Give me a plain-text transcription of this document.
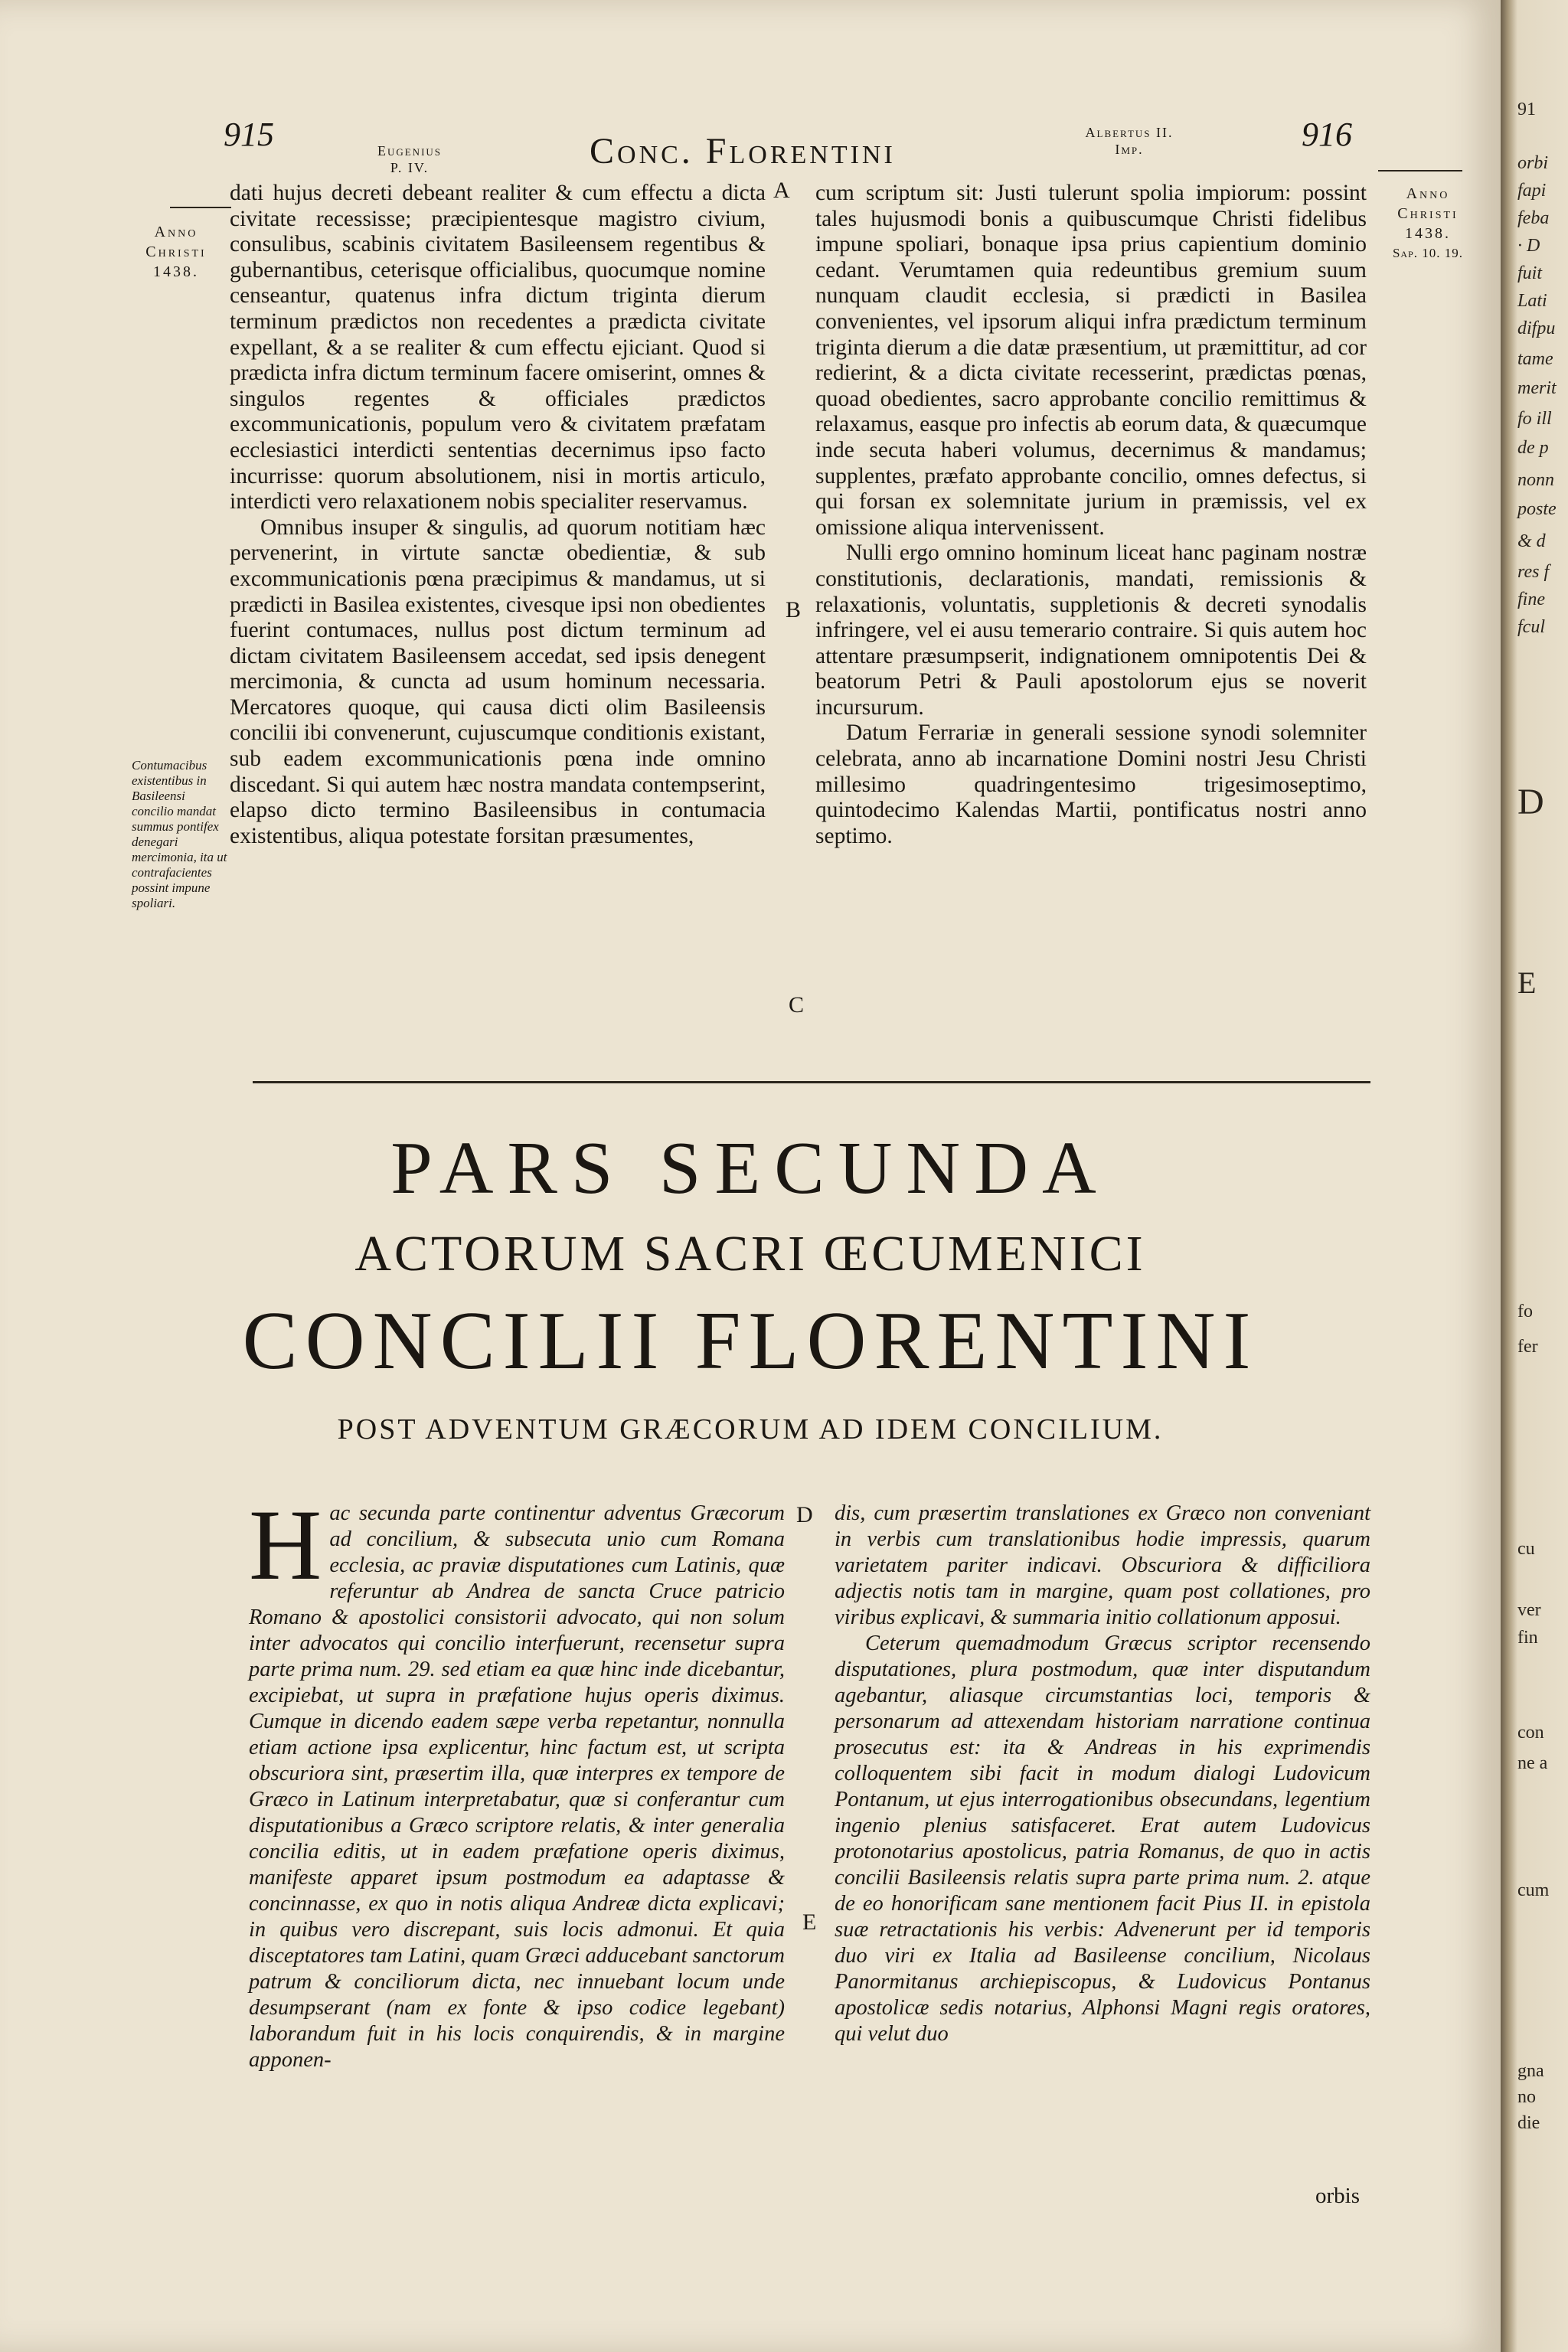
915	Eugenius
P. IV.	Conc. Florentini	Albertus II.
Imp.	916
Anno
Christi
1438.
Anno
Christi
1438.
Sap. 10. 19.

dati hujus decreti debeant realiter & cum effectu a dicta civitate recessisse; præcipientesque magistro civium, consulibus, scabinis civitatem Basileensem regentibus & gubernantibus, ceterisque officialibus, quocumque nomine censeantur, quatenus infra dictum triginta dierum terminum prædictos non recedentes a prædicta civitate expellant, & a se realiter & cum effectu ejiciant. Quod si prædicta infra dictum terminum facere omiserint, omnes & singulos regentes & officiales prædictos excommunicationis, populum vero & civitatem præfatam ecclesiastici interdicti sententias decernimus ipso facto incurrisse: quorum absolutionem, nisi in mortis articulo, interdicti vero relaxationem nobis specialiter reservamus.

Omnibus insuper & singulis, ad quorum notitiam hæc pervenerint, in virtute sanctæ obedientiæ, & sub excommunicationis pœna præcipimus & mandamus, ut si prædicti in Basilea existentes, civesque ipsi non obedientes fuerint contumaces, nullus post dictum terminum ad dictam civitatem Basileensem accedat, sed ipsis denegent mercimonia, & cuncta ad usum hominum necessaria. Mercatores quoque, qui causa dicti olim Basileensis concilii ibi convenerunt, cujuscumque conditionis existant, sub eadem excommunicationis pœna inde omnino discedant. Si qui autem hæc nostra mandata contempserint, elapso dicto termino Basileensibus in contumacia existentibus, aliqua potestate forsitan præsumentes,

cum scriptum sit: Justi tulerunt spolia impiorum: possint tales hujusmodi bonis a quibuscumque Christi fidelibus impune spoliari, bonaque ipsa prius capientium dominio cedant. Verumtamen quia redeuntibus gremium suum nunquam claudit ecclesia, si prædicti in Basilea convenientes, vel ipsorum aliqui infra prædictum terminum triginta dierum a die datæ præsentium, ut præmittitur, ad cor redierint, & a dicta civitate recesserint, prædictas pœnas, quoad obedientes, sacro approbante concilio remittimus & relaxamus, easque pro infectis ab eorum data, & quæcumque inde secuta haberi volumus, decernimus & mandamus; supplentes, præfato approbante concilio, omnes defectus, si qui forsan ex solemnitate jurium in præmissis, vel ex omissione aliqua intervenissent.

Nulli ergo omnino hominum liceat hanc paginam nostræ constitutionis, declarationis, mandati, remissionis & relaxationis, voluntatis, suppletionis & decreti synodalis infringere, vel ei ausu temerario contraire. Si quis autem hoc attentare præsumpserit, indignationem omnipotentis Dei & beatorum Petri & Pauli apostolorum ejus se noverit incursurum.

Datum Ferrariæ in generali sessione synodi solemniter celebrata, anno ab incarnatione Domini nostri Jesu Christi millesimo quadringentesimo trigesimoseptimo, quintodecimo Kalendas Martii, pontificatus nostri anno septimo.

Contumacibus existentibus in Basileensi concilio mandat summus pontifex denegari mercimonia, ita ut contrafacientes possint impune spoliari.
A
B
C
D
E
PARS SECUNDA
ACTORUM SACRI ŒCUMENICI
CONCILII FLORENTINI
POST ADVENTUM GRÆCORUM AD IDEM CONCILIUM.

Hac secunda parte continentur adventus Græcorum ad concilium, & subsecuta unio cum Romana ecclesia, ac praviæ disputationes cum Latinis, quæ referuntur ab Andrea de sancta Cruce patricio Romano & apostolici consistorii advocato, qui non solum inter advocatos qui concilio interfuerunt, recensetur supra parte prima num. 29. sed etiam ea quæ hinc inde dicebantur, excipiebat, ut supra in præfatione hujus operis diximus. Cumque in dicendo eadem sæpe verba repetantur, nonnulla etiam actione ipsa explicentur, hinc factum est, ut scripta obscuriora sint, præsertim illa, quæ interpres ex tempore de Græco in Latinum interpretabatur, quæ si conferantur cum disputationibus a Græco scriptore relatis, & inter generalia concilia editis, ut in eadem præfatione operis diximus, manifeste apparet ipsum postmodum ea adaptasse & concinnasse, ex quo in notis aliqua Andreæ dicta explicavi; in quibus vero discrepant, suis locis admonui. Et quia disceptatores tam Latini, quam Græci adducebant sanctorum patrum & conciliorum dicta, nec innuebant locum unde desumpserant (nam ex fonte & ipso codice legebant) laborandum fuit in his locis conquirendis, & in margine apponen-

dis, cum præsertim translationes ex Græco non conveniant in verbis cum translationibus hodie impressis, quarum varietatem pariter indicavi. Obscuriora & difficiliora adjectis notis tam in margine, quam post collationes, pro viribus explicavi, & summaria initio collationum apposui.

Ceterum quemadmodum Græcus scriptor recensendo disputationes, plura postmodum, quæ inter disputandum agebantur, aliasque circumstantias loci, temporis & personarum ad attexendam historiam narratione continua prosecutus est: ita & Andreas in his exprimendis colloquentem sibi facit in modum dialogi Ludovicum Pontanum, ut ejus interrogationibus obsecundans, legentium ingenio plenius satisfaceret. Erat autem Ludovicus protonotarius apostolicus, patria Romanus, de quo in actis concilii Basileensis relatis supra parte prima num. 2. atque de eo honorificam sane mentionem facit Pius II. in epistola suæ retractationis his verbis: Advenerunt per id temporis duo viri ex Italia ad Basileense concilium, Nicolaus Panormitanus archiepiscopus, & Ludovicus Pontanus apostolicæ sedis notarius, Alphonsi Magni regis oratores, qui velut duo

orbis
91
orbi
fapi
feba
· D
fuit
Lati
difpu
tame
merit
fo ill
de p
nonn
poste
& d
res f
fine
fcul
D
E
fo
fer
cu
ver
fin
con
ne a
cum
gna
no
die
